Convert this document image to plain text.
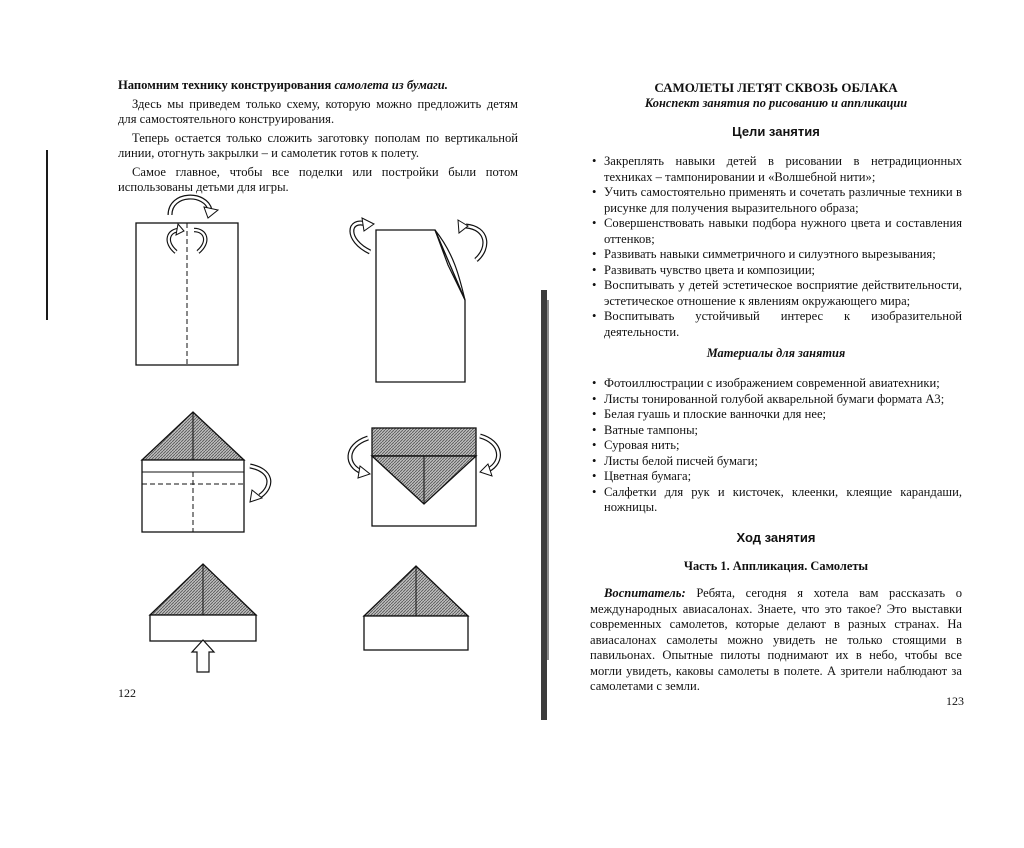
Напомним технику конструирования самолета из бумаги.

Здесь мы приведем только схему, которую можно предложить детям для самостоятельного конструирования.

Теперь остается только сложить заготовку пополам по вертикальной линии, отогнуть закрылки – и самолетик готов к полету.

Самое главное, чтобы все поделки или постройки были потом использованы детьми для игры.

122
САМОЛЕТЫ ЛЕТЯТ СКВОЗЬ ОБЛАКА
Конспект занятия по рисованию и аппликации
Цели занятия
• Закреплять навыки детей в рисовании в нетрадиционных техниках – тампонировании и «Волшебной нити»;
• Учить самостоятельно применять и сочетать различные техники в рисунке для получения выразительного образа;
• Совершенствовать навыки подбора нужного цвета и составления оттенков;
• Развивать навыки симметричного и силуэтного вырезывания;
• Развивать чувство цвета и композиции;
• Воспитывать у детей эстетическое восприятие действительности, эстетическое отношение к явлениям окружающего мира;
• Воспитывать устойчивый интерес к изобразительной деятельности.
Материалы для занятия
• Фотоиллюстрации с изображением современной авиатехники;
• Листы тонированной голубой акварельной бумаги формата А3;
• Белая гуашь и плоские ванночки для нее;
• Ватные тампоны;
• Суровая нить;
• Листы белой писчей бумаги;
• Цветная бумага;
• Салфетки для рук и кисточек, клеенки, клеящие карандаши, ножницы.
Ход занятия
Часть 1. Аппликация. Самолеты

Воспитатель: Ребята, сегодня я хотела вам рассказать о международных авиасалонах. Знаете, что это такое? Это выставки современных самолетов, которые делают в разных странах. На авиасалонах самолеты можно увидеть не только стоящими в павильонах. Опытные пилоты поднимают их в небо, чтобы все могли увидеть, каковы самолеты в полете. А зрители наблюдают за самолетами с земли.

123
